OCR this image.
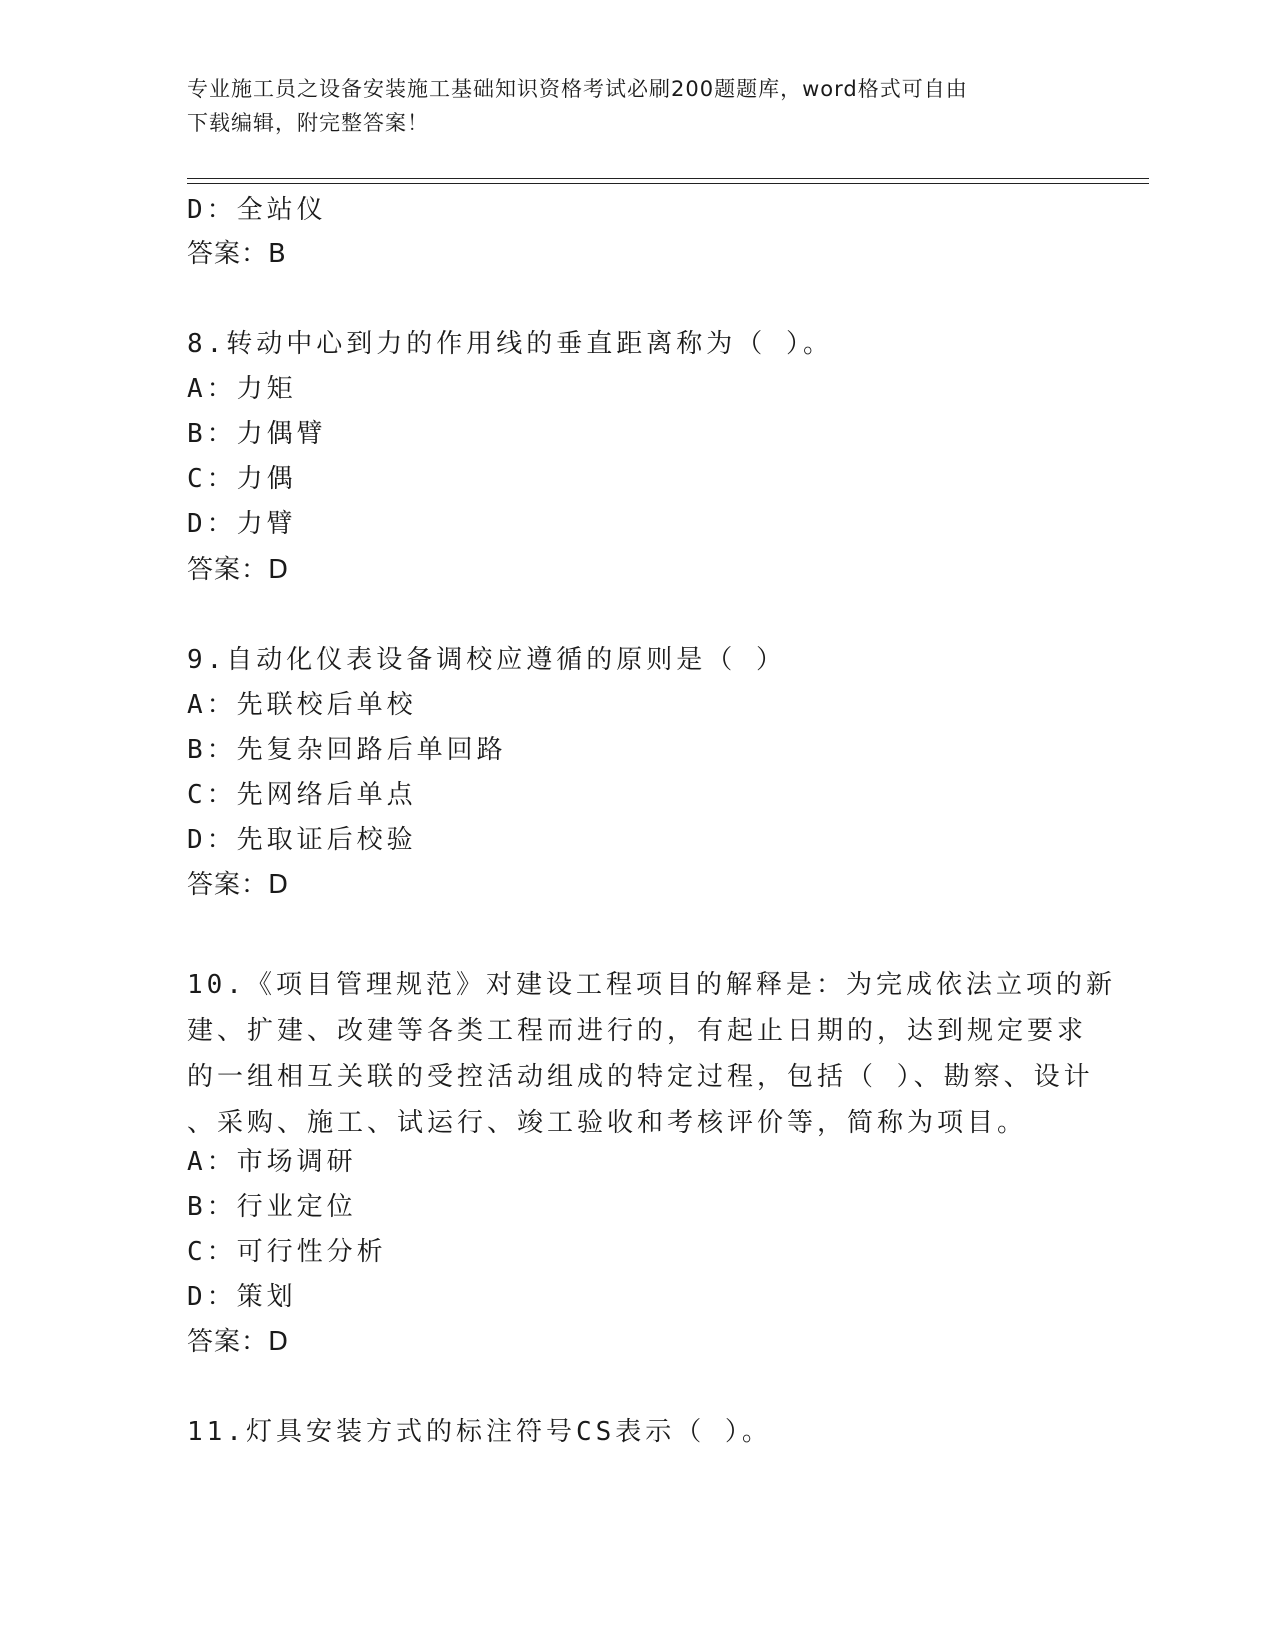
专业施工员之设备安装施工基础知识资格考试必刷200题题库，word格式可自由
下载编辑，附完整答案！
D：全站仪
答案：B
8.转动中心到力的作用线的垂直距离称为（ ）。
A：力矩
B：力偶臂
C：力偶
D：力臂
答案：D
9.自动化仪表设备调校应遵循的原则是（ ）
A：先联校后单校
B：先复杂回路后单回路
C：先网络后单点
D：先取证后校验
答案：D
10.《项目管理规范》对建设工程项目的解释是：为完成依法立项的新
建、扩建、改建等各类工程而进行的，有起止日期的，达到规定要求
的一组相互关联的受控活动组成的特定过程，包括（ ）、勘察、设计
、采购、施工、试运行、竣工验收和考核评价等，简称为项目。
A：市场调研
B：行业定位
C：可行性分析
D：策划
答案：D
11.灯具安装方式的标注符号CS表示（ ）。
